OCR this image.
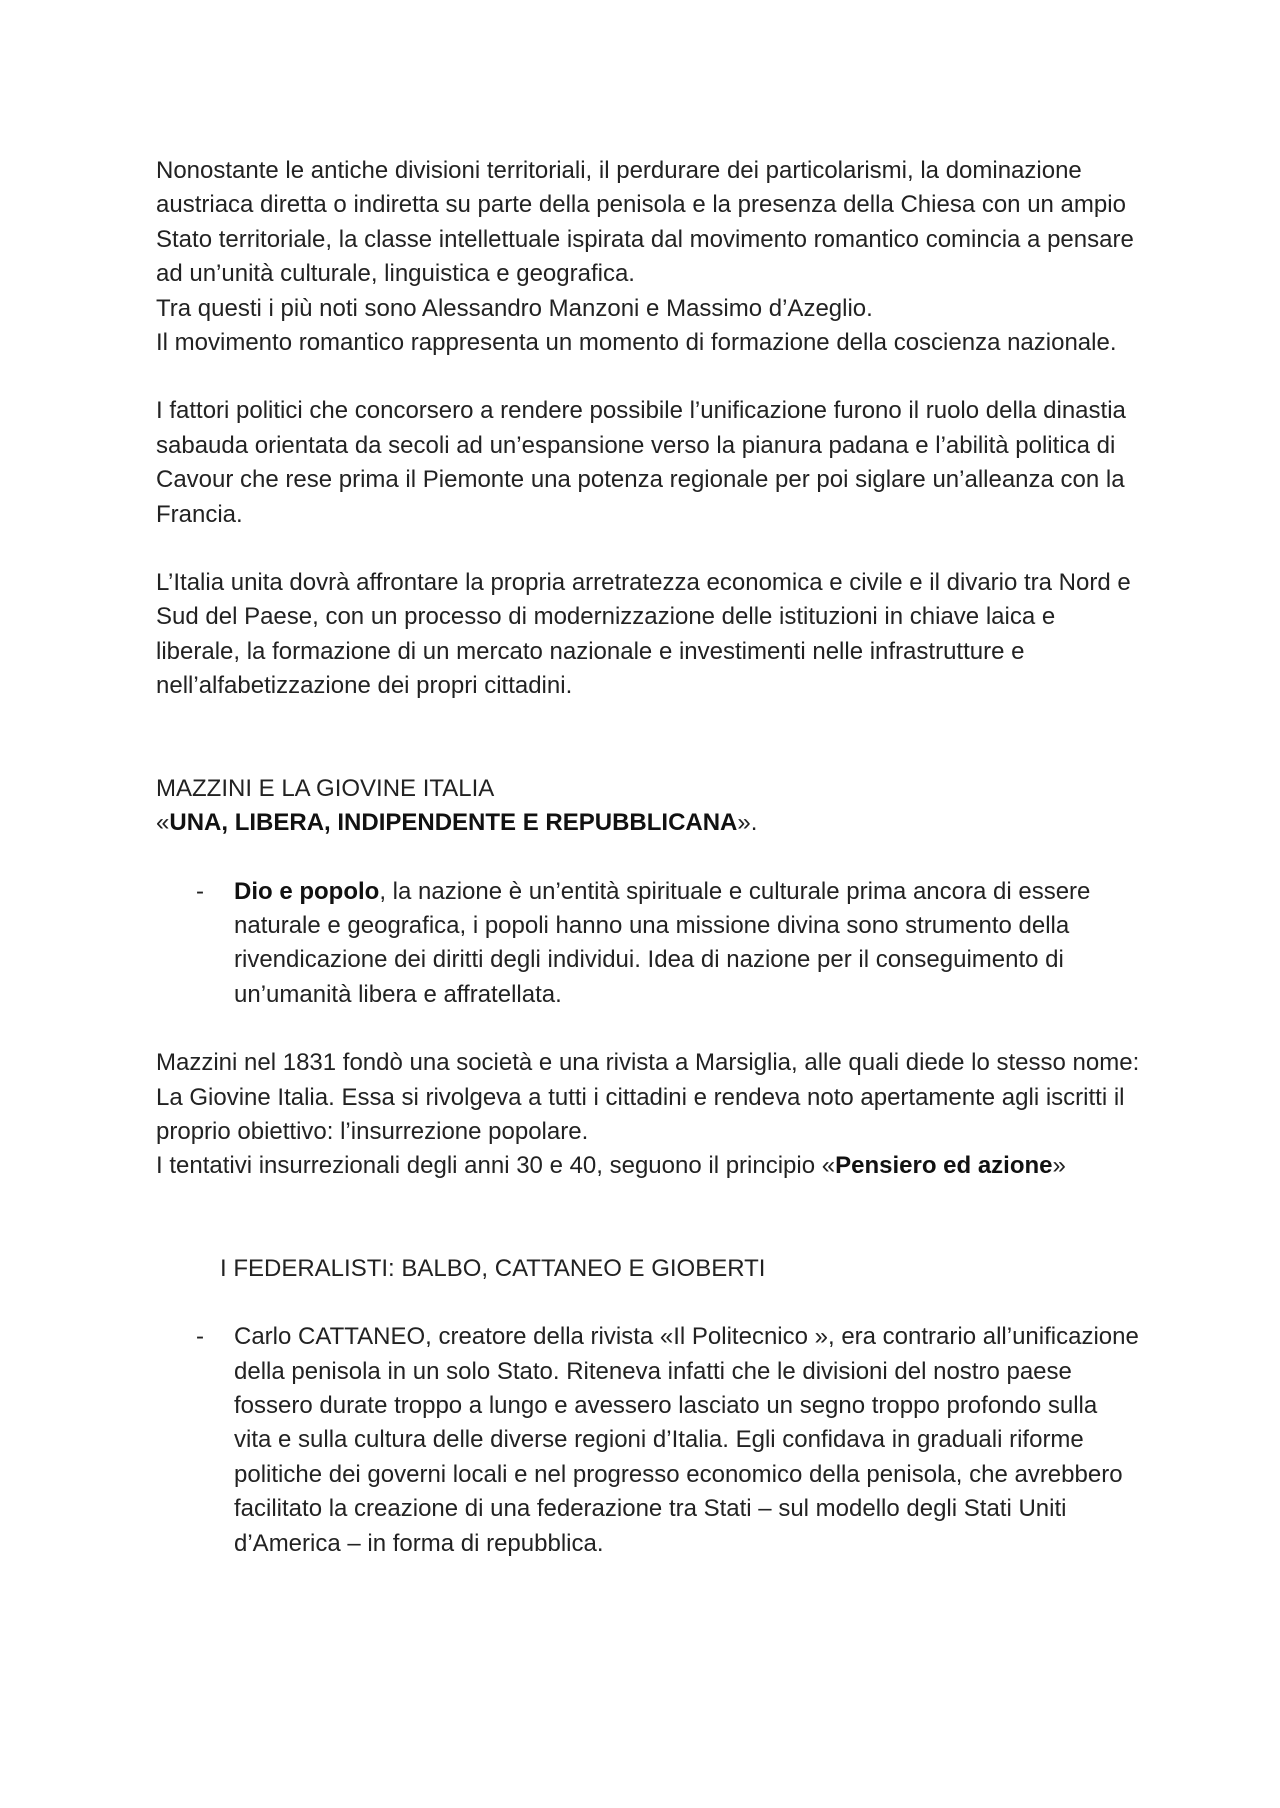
Nonostante le antiche divisioni territoriali, il perdurare dei particolarismi, la dominazione austriaca diretta o indiretta su parte della penisola e la presenza della Chiesa con un ampio Stato territoriale, la classe intellettuale ispirata dal movimento romantico comincia a pensare ad un’unità culturale, linguistica e geografica.

Tra questi i più noti sono Alessandro Manzoni e Massimo d’Azeglio.

Il movimento romantico rappresenta un momento di formazione della coscienza nazionale.

I fattori politici che concorsero a rendere possibile l’unificazione furono il ruolo della dinastia sabauda orientata da secoli ad un’espansione verso la pianura padana e l’abilità politica di Cavour che rese prima il Piemonte una potenza regionale per poi siglare un’alleanza con la Francia.

L’Italia unita dovrà affrontare la propria arretratezza economica e civile e il divario tra Nord e Sud del Paese, con un processo di modernizzazione delle istituzioni in chiave laica e liberale, la formazione di un mercato nazionale e investimenti nelle infrastrutture e nell’alfabetizzazione dei propri cittadini.

MAZZINI E LA GIOVINE ITALIA

«UNA, LIBERA, INDIPENDENTE E REPUBBLICANA».

- Dio e popolo, la nazione è un’entità spirituale e culturale prima ancora di essere naturale e geografica, i popoli hanno una missione divina sono strumento della rivendicazione dei diritti degli individui. Idea di nazione per il conseguimento di un’umanità libera e affratellata.

Mazzini nel 1831 fondò una società e una rivista a Marsiglia, alle quali diede lo stesso nome: La Giovine Italia. Essa si rivolgeva a tutti i cittadini e rendeva noto apertamente agli iscritti il proprio obiettivo: l’insurrezione popolare.

I tentativi insurrezionali degli anni 30 e 40, seguono il principio «Pensiero ed azione»

I FEDERALISTI: BALBO, CATTANEO E GIOBERTI

- Carlo CATTANEO, creatore della rivista «Il Politecnico », era contrario all’unificazione della penisola in un solo Stato. Riteneva infatti che le divisioni del nostro paese fossero durate troppo a lungo e avessero lasciato un segno troppo profondo sulla vita e sulla cultura delle diverse regioni d’Italia. Egli confidava in graduali riforme politiche dei governi locali e nel progresso economico della penisola, che avrebbero facilitato la creazione di una federazione tra Stati – sul modello degli Stati Uniti d’America – in forma di repubblica.
